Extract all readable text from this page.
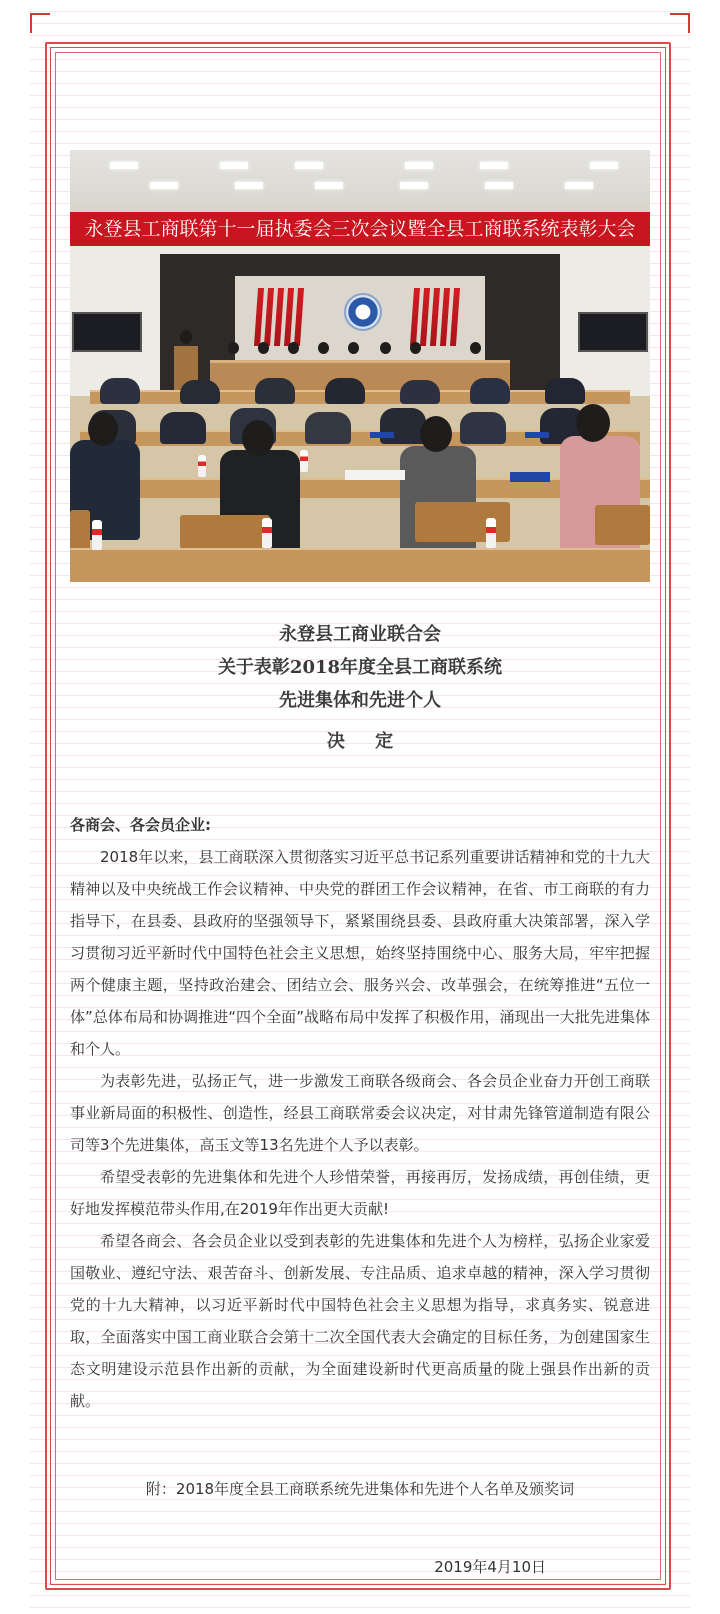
永登县工商联第十一届执委会三次会议暨全县工商联系统表彰大会
永登县工商业联合会
关于表彰2018年度全县工商联系统
先进集体和先进个人
决 定
各商会、各会员企业:

2018年以来，县工商联深入贯彻落实习近平总书记系列重要讲话精神和党的十九大精神以及中央统战工作会议精神、中央党的群团工作会议精神，在省、市工商联的有力指导下，在县委、县政府的坚强领导下，紧紧围绕县委、县政府重大决策部署，深入学习贯彻习近平新时代中国特色社会主义思想，始终坚持围绕中心、服务大局，牢牢把握两个健康主题，坚持政治建会、团结立会、服务兴会、改革强会，在统筹推进“五位一体”总体布局和协调推进“四个全面”战略布局中发挥了积极作用，涌现出一大批先进集体和个人。

为表彰先进，弘扬正气，进一步激发工商联各级商会、各会员企业奋力开创工商联事业新局面的积极性、创造性，经县工商联常委会议决定，对甘肃先锋管道制造有限公司等3个先进集体，高玉文等13名先进个人予以表彰。

希望受表彰的先进集体和先进个人珍惜荣誉，再接再厉，发扬成绩，再创佳绩，更好地发挥模范带头作用,在2019年作出更大贡献!

希望各商会、各会员企业以受到表彰的先进集体和先进个人为榜样，弘扬企业家爱国敬业、遵纪守法、艰苦奋斗、创新发展、专注品质、追求卓越的精神，深入学习贯彻党的十九大精神，以习近平新时代中国特色社会主义思想为指导，求真务实、锐意进取，全面落实中国工商业联合会第十二次全国代表大会确定的目标任务，为创建国家生态文明建设示范县作出新的贡献，为全面建设新时代更高质量的陇上强县作出新的贡献。

附：2018年度全县工商联系统先进集体和先进个人名单及颁奖词
2019年4月10日
